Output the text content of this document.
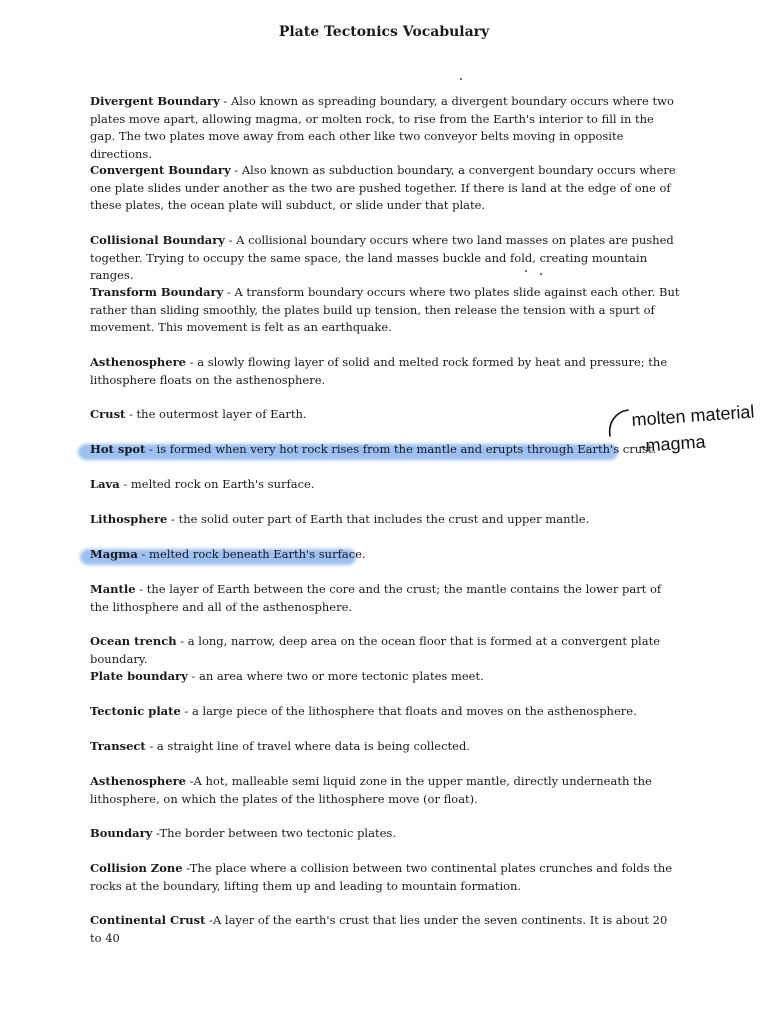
Plate Tectonics Vocabulary
Divergent Boundary - Also known as spreading boundary, a divergent boundary occurs where two plates move apart, allowing magma, or molten rock, to rise from the Earth's interior to fill in the gap. The two plates move away from each other like two conveyor belts moving in opposite directions.
Convergent Boundary - Also known as subduction boundary, a convergent boundary occurs where one plate slides under another as the two are pushed together. If there is land at the edge of one of these plates, the ocean plate will subduct, or slide under that plate.
Collisional Boundary - A collisional boundary occurs where two land masses on plates are pushed together. Trying to occupy the same space, the land masses buckle and fold, creating mountain ranges.
Transform Boundary - A transform boundary occurs where two plates slide against each other. But rather than sliding smoothly, the plates build up tension, then release the tension with a spurt of movement. This movement is felt as an earthquake.
Asthenosphere - a slowly flowing layer of solid and melted rock formed by heat and pressure; the lithosphere floats on the asthenosphere.
Crust - the outermost layer of Earth.
Hot spot - is formed when very hot rock rises from the mantle and erupts through Earth's crust.
Lava - melted rock on Earth's surface.
Lithosphere - the solid outer part of Earth that includes the crust and upper mantle.
Magma - melted rock beneath Earth's surface.
Mantle - the layer of Earth between the core and the crust; the mantle contains the lower part of the lithosphere and all of the asthenosphere.
Ocean trench - a long, narrow, deep area on the ocean floor that is formed at a convergent plate boundary.
Plate boundary - an area where two or more tectonic plates meet.
Tectonic plate - a large piece of the lithosphere that floats and moves on the asthenosphere.
Transect - a straight line of travel where data is being collected.
Asthenosphere -A hot, malleable semi liquid zone in the upper mantle, directly underneath the lithosphere, on which the plates of the lithosphere move (or float).
Boundary -The border between two tectonic plates.
Collision Zone -The place where a collision between two continental plates crunches and folds the rocks at the boundary, lifting them up and leading to mountain formation.
Continental Crust -A layer of the earth's crust that lies under the seven continents. It is about 20 to 40
molten material
-magma
